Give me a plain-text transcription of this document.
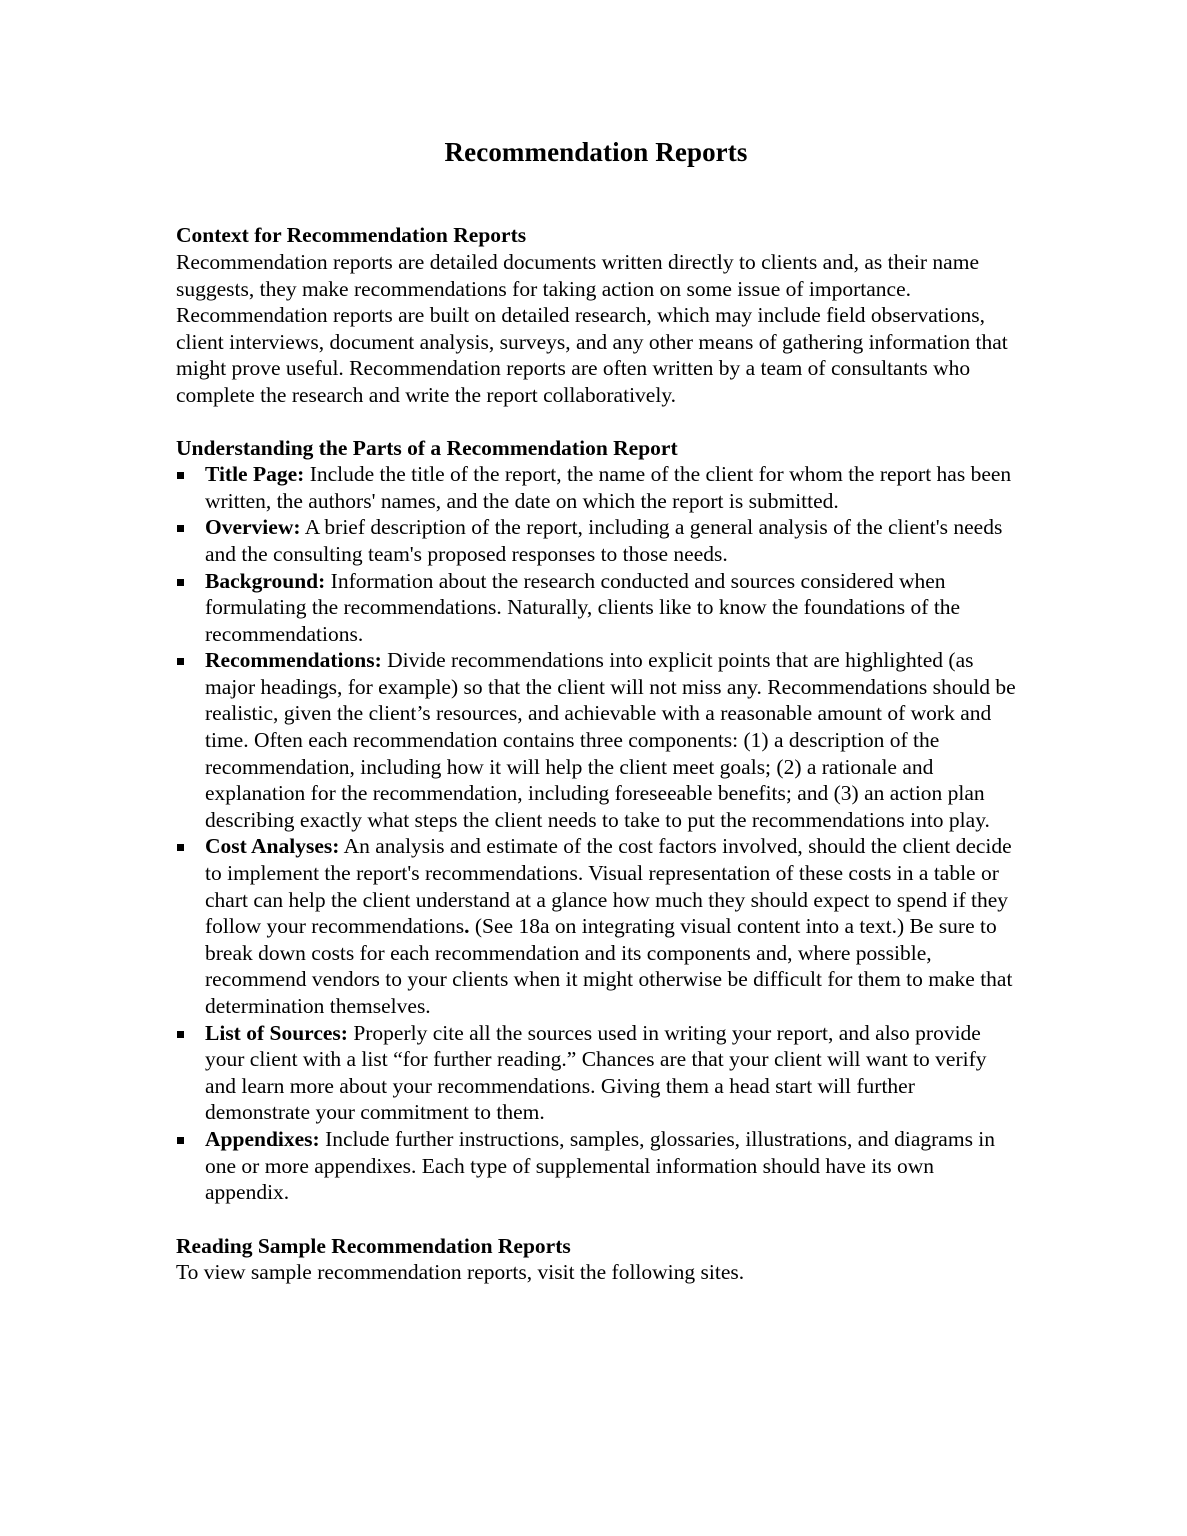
Recommendation Reports
Context for Recommendation Reports

Recommendation reports are detailed documents written directly to clients and, as their name suggests, they make recommendations for taking action on some issue of importance. Recommendation reports are built on detailed research, which may include field observations, client interviews, document analysis, surveys, and any other means of gathering information that might prove useful. Recommendation reports are often written by a team of consultants who complete the research and write the report collaboratively.

Understanding the Parts of a Recommendation Report
Title Page: Include the title of the report, the name of the client for whom the report has been written, the authors' names, and the date on which the report is submitted.
Overview: A brief description of the report, including a general analysis of the client's needs and the consulting team's proposed responses to those needs.
Background: Information about the research conducted and sources considered when formulating the recommendations. Naturally, clients like to know the foundations of the recommendations.
Recommendations: Divide recommendations into explicit points that are highlighted (as major headings, for example) so that the client will not miss any. Recommendations should be realistic, given the client’s resources, and achievable with a reasonable amount of work and time. Often each recommendation contains three components: (1) a description of the recommendation, including how it will help the client meet goals; (2) a rationale and explanation for the recommendation, including foreseeable benefits; and (3) an action plan describing exactly what steps the client needs to take to put the recommendations into play.
Cost Analyses: An analysis and estimate of the cost factors involved, should the client decide to implement the report's recommendations. Visual representation of these costs in a table or chart can help the client understand at a glance how much they should expect to spend if they follow your recommendations. (See 18a on integrating visual content into a text.) Be sure to break down costs for each recommendation and its components and, where possible, recommend vendors to your clients when it might otherwise be difficult for them to make that determination themselves.
List of Sources: Properly cite all the sources used in writing your report, and also provide your client with a list “for further reading.” Chances are that your client will want to verify and learn more about your recommendations. Giving them a head start will further demonstrate your commitment to them.
Appendixes: Include further instructions, samples, glossaries, illustrations, and diagrams in one or more appendixes. Each type of supplemental information should have its own appendix.
Reading Sample Recommendation Reports

To view sample recommendation reports, visit the following sites.
